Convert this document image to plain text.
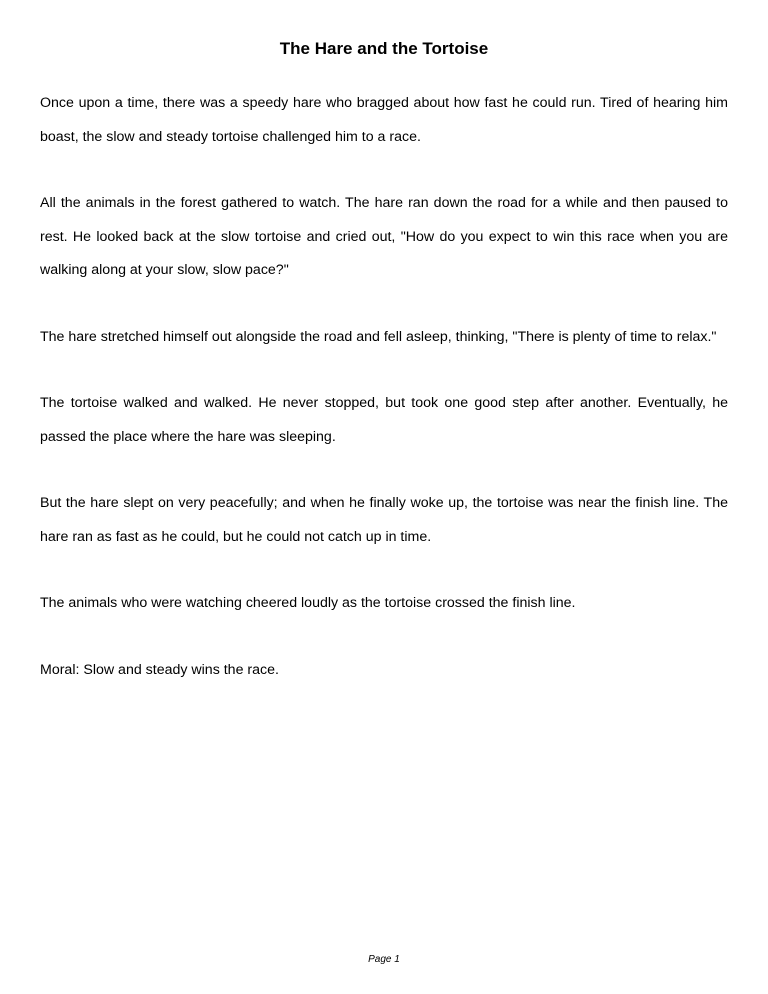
The Hare and the Tortoise

Once upon a time, there was a speedy hare who bragged about how fast he could run. Tired of hearing him boast, the slow and steady tortoise challenged him to a race.

All the animals in the forest gathered to watch. The hare ran down the road for a while and then paused to rest. He looked back at the slow tortoise and cried out, "How do you expect to win this race when you are walking along at your slow, slow pace?"

The hare stretched himself out alongside the road and fell asleep, thinking, "There is plenty of time to relax."

The tortoise walked and walked. He never stopped, but took one good step after another. Eventually, he passed the place where the hare was sleeping.

But the hare slept on very peacefully; and when he finally woke up, the tortoise was near the finish line. The hare ran as fast as he could, but he could not catch up in time.

The animals who were watching cheered loudly as the tortoise crossed the finish line.

Moral: Slow and steady wins the race.

Page 1
